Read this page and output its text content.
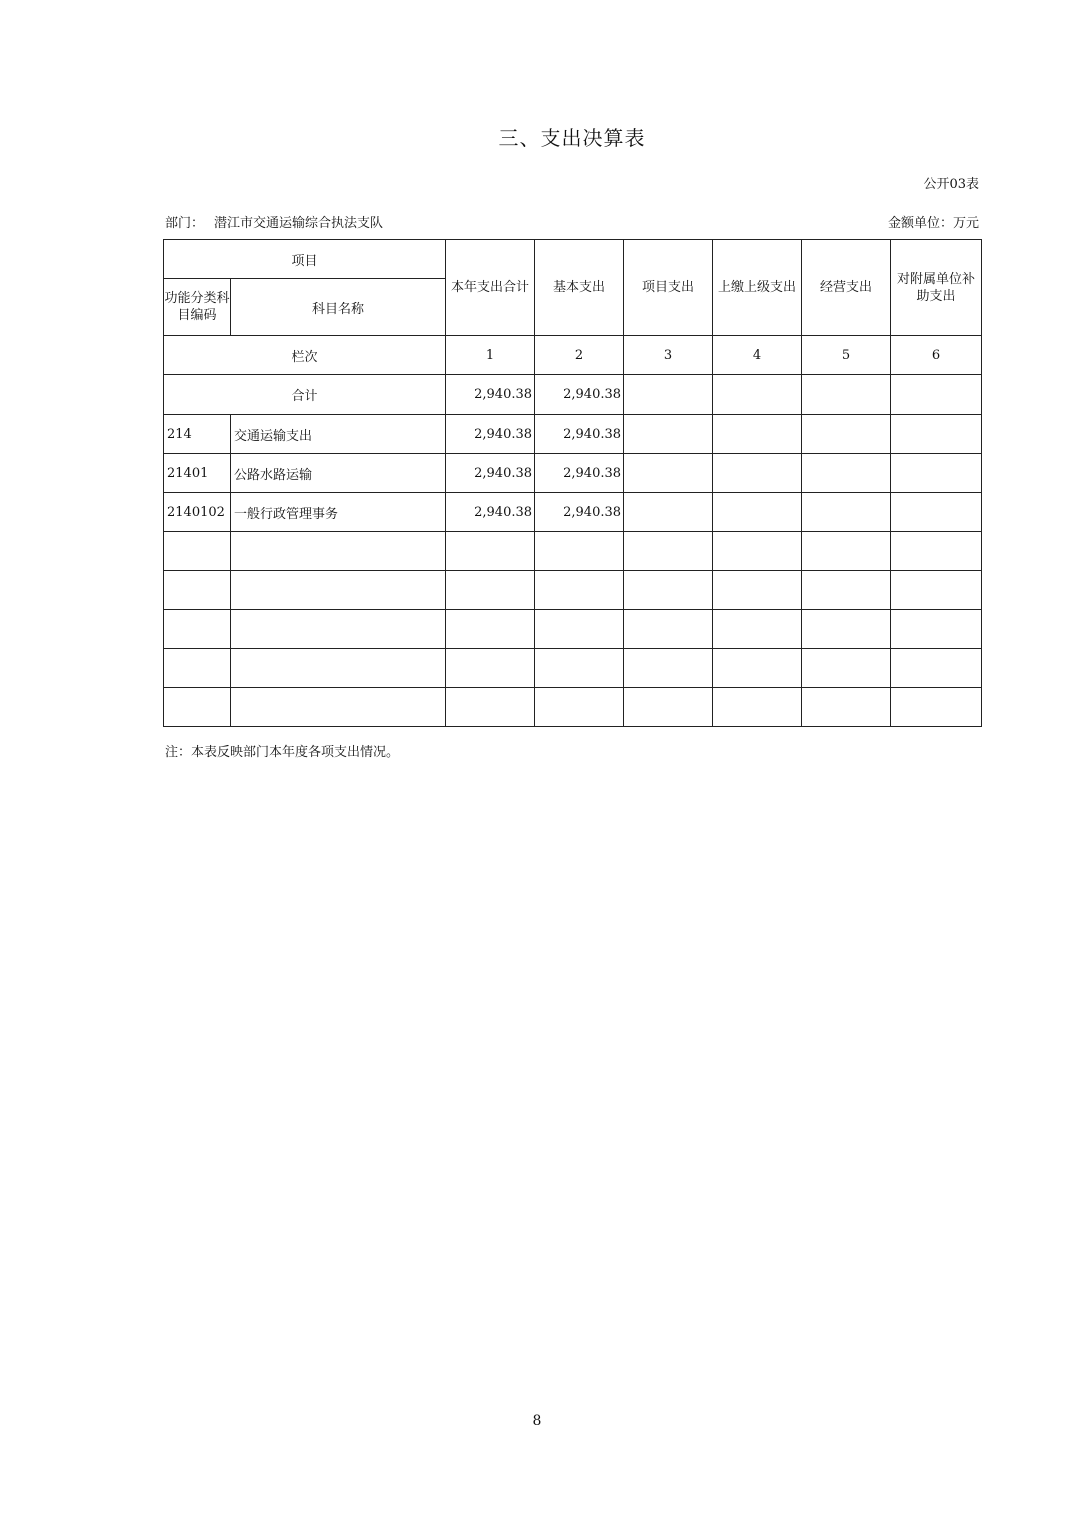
三、支出决算表
公开03表
部门： 潜江市交通运输综合执法支队	金额单位：万元
项目		本年支出合计	基本支出	项目支出	上缴上级支出	经营支出	对附属单位补助支出
功能分类科目编码	科目名称						
栏次		1	2	3	4	5	6
合计		2,940.38	2,940.38				
214	交通运输支出	2,940.38	2,940.38				
21401	公路水路运输	2,940.38	2,940.38				
2140102	一般行政管理事务	2,940.38	2,940.38				

注：本表反映部门本年度各项支出情况。
8
